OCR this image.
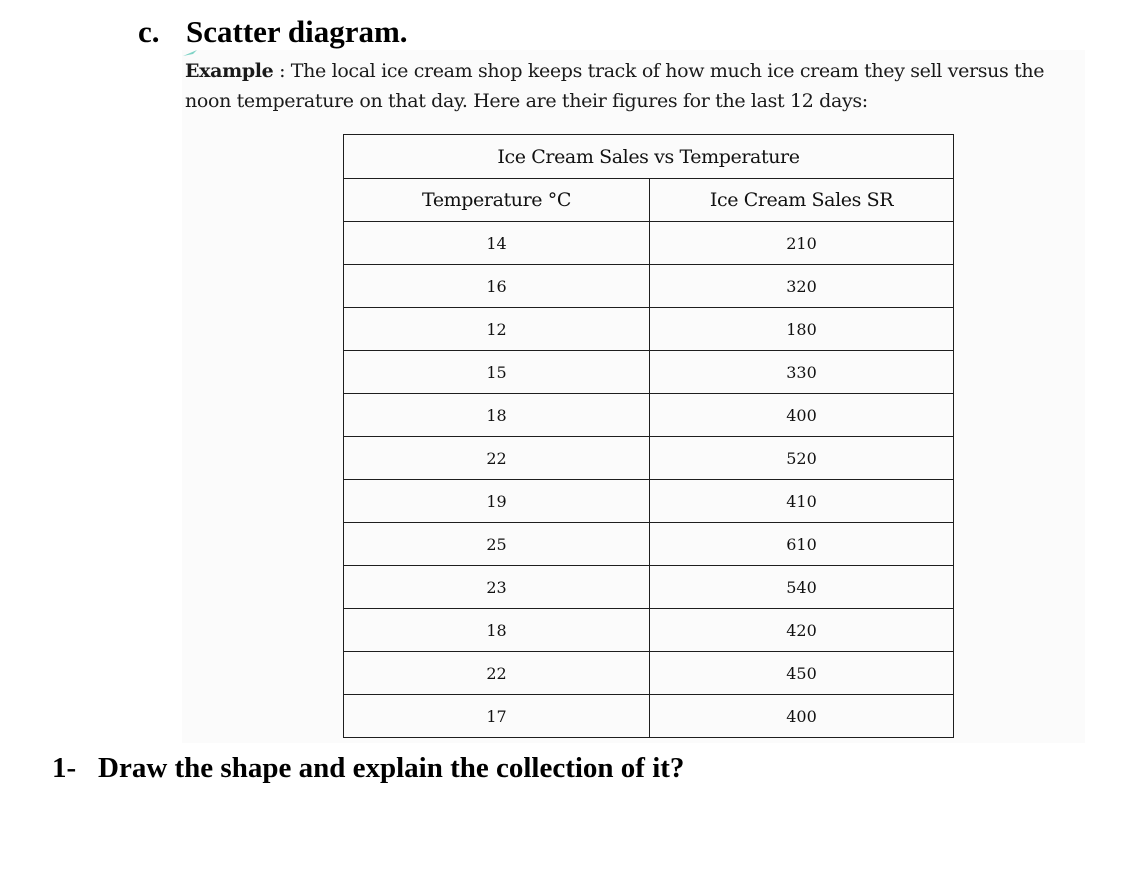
c. Scatter diagram.
Example : The local ice cream shop keeps track of how much ice cream they sell versus the noon temperature on that day. Here are their figures for the last 12 days:
Ice Cream Sales vs Temperature	
Temperature °C	Ice Cream Sales SR
14	210
16	320
12	180
15	330
18	400
22	520
19	410
25	610
23	540
18	420
22	450
17	400
1- Draw the shape and explain the collection of it?
